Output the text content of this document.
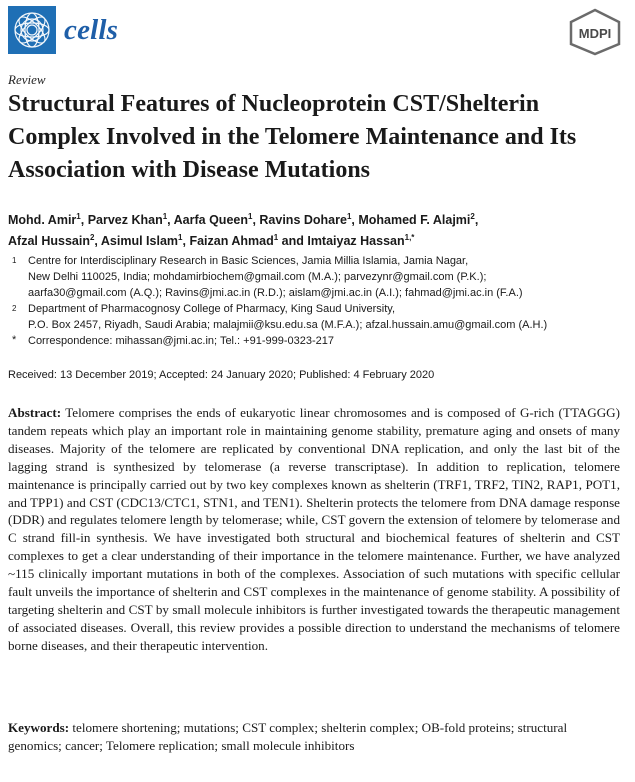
cells	MDPI
Review
Structural Features of Nucleoprotein CST/Shelterin Complex Involved in the Telomere Maintenance and Its Association with Disease Mutations
Mohd. Amir$^1$, Parvez Khan$^1$, Aarfa Queen$^1$, Ravins Dohare$^1$, Mohamed F. Alajmi$^2$,
Afzal Hussain$^2$, Asimul Islam$^1$, Faizan Ahmad$^1$ and Imtaiyaz Hassan$^{1,*}$
1 Centre for Interdisciplinary Research in Basic Sciences, Jamia Millia Islamia, Jamia Nagar,
New Delhi 110025, India; mohdamirbiochem@gmail.com (M.A.); parvezynr@gmail.com (P.K.);
aarfa30@gmail.com (A.Q.); Ravins@jmi.ac.in (R.D.); aislam@jmi.ac.in (A.I.); fahmad@jmi.ac.in (F.A.)
2 Department of Pharmacognosy College of Pharmacy, King Saud University,
P.O. Box 2457, Riyadh, Saudi Arabia; malajmii@ksu.edu.sa (M.F.A.); afzal.hussain.amu@gmail.com (A.H.)
* Correspondence: mihassan@jmi.ac.in; Tel.: +91-999-0323-217
Received: 13 December 2019; Accepted: 24 January 2020; Published: 4 February 2020

Abstract: Telomere comprises the ends of eukaryotic linear chromosomes and is composed of G-rich (TTAGGG) tandem repeats which play an important role in maintaining genome stability, premature aging and onsets of many diseases. Majority of the telomere are replicated by conventional DNA replication, and only the last bit of the lagging strand is synthesized by telomerase (a reverse transcriptase). In addition to replication, telomere maintenance is principally carried out by two key complexes known as shelterin (TRF1, TRF2, TIN2, RAP1, POT1, and TPP1) and CST (CDC13/CTC1, STN1, and TEN1). Shelterin protects the telomere from DNA damage response (DDR) and regulates telomere length by telomerase; while, CST govern the extension of telomere by telomerase and C strand fill-in synthesis. We have investigated both structural and biochemical features of shelterin and CST complexes to get a clear understanding of their importance in the telomere maintenance. Further, we have analyzed ~115 clinically important mutations in both of the complexes. Association of such mutations with specific cellular fault unveils the importance of shelterin and CST complexes in the maintenance of genome stability. A possibility of targeting shelterin and CST by small molecule inhibitors is further investigated towards the therapeutic management of associated diseases. Overall, this review provides a possible direction to understand the mechanisms of telomere borne diseases, and their therapeutic intervention.

Keywords: telomere shortening; mutations; CST complex; shelterin complex; OB-fold proteins; structural genomics; cancer; Telomere replication; small molecule inhibitors
